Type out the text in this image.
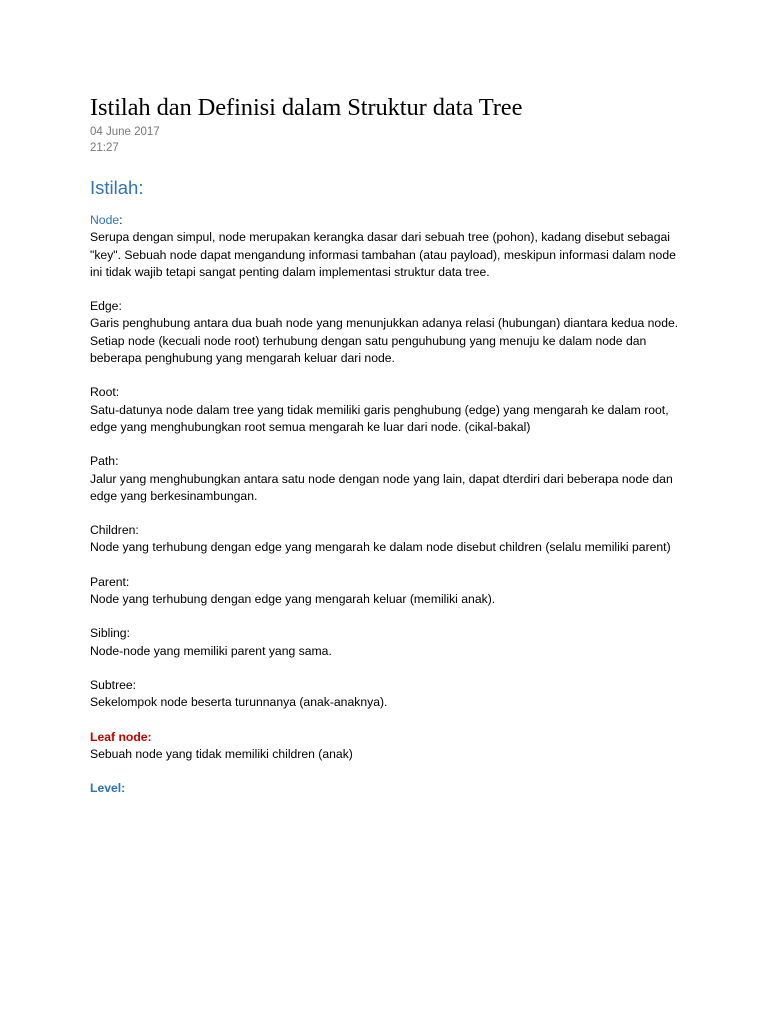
Istilah dan Definisi dalam Struktur data Tree
04 June 2017
21:27
Istilah:
Node:
Serupa dengan simpul, node merupakan kerangka dasar dari sebuah tree (pohon), kadang disebut sebagai "key". Sebuah node dapat mengandung informasi tambahan (atau payload), meskipun informasi dalam node ini tidak wajib tetapi sangat penting dalam implementasi struktur data tree.
Edge:
Garis penghubung antara dua buah node yang menunjukkan adanya relasi (hubungan) diantara kedua node. Setiap node (kecuali node root) terhubung dengan satu penguhubung yang menuju ke dalam node dan beberapa penghubung yang mengarah keluar dari node.
Root:
Satu-datunya node dalam tree yang tidak memiliki garis penghubung (edge) yang mengarah ke dalam root, edge yang menghubungkan root semua mengarah ke luar dari node. (cikal-bakal)
Path:
Jalur yang menghubungkan antara satu node dengan node yang lain, dapat dterdiri dari beberapa node dan edge yang berkesinambungan.
Children:
Node yang terhubung dengan edge yang mengarah ke dalam node disebut children (selalu memiliki parent)
Parent:
Node yang terhubung dengan edge yang mengarah keluar (memiliki anak).
Sibling:
Node-node yang memiliki parent yang sama.
Subtree:
Sekelompok node beserta turunnanya (anak-anaknya).
Leaf node:
Sebuah node yang tidak memiliki children (anak)
Level:
